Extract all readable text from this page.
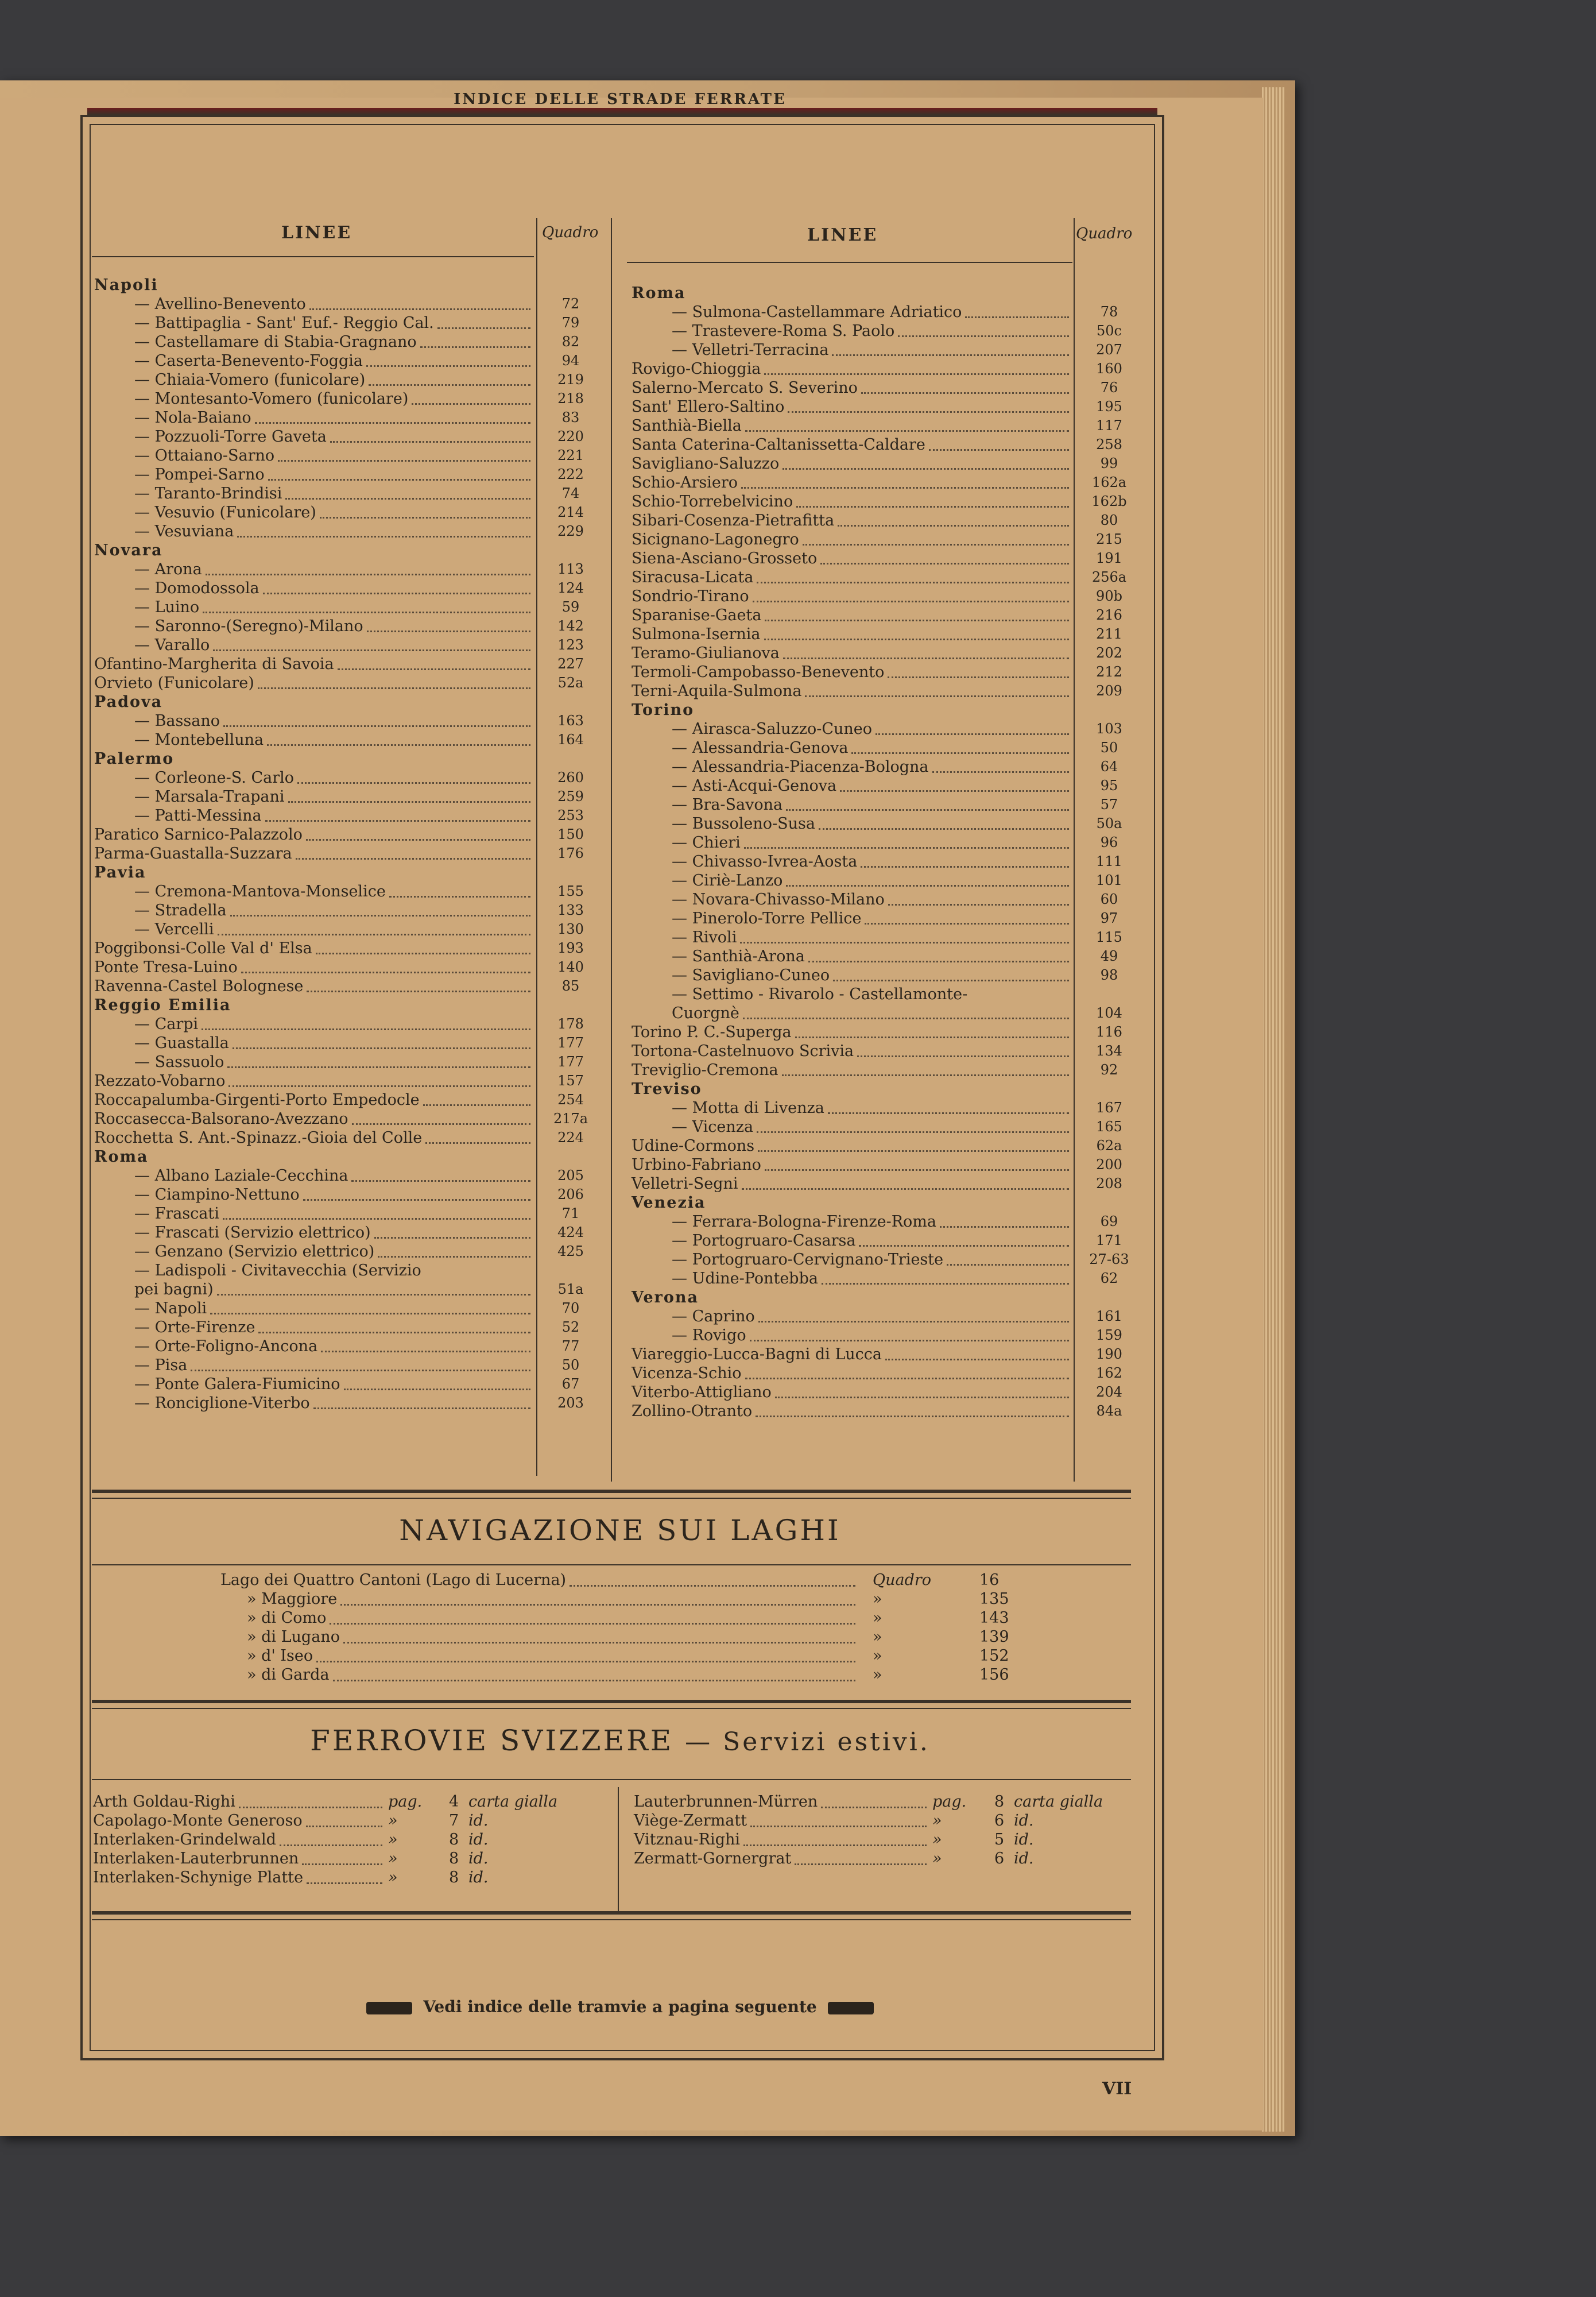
INDICE DELLE STRADE FERRATE
LINEE	Quadro	LINEE	Quadro
Napoli
— Avellino-Benevento	72
— Battipaglia - Sant' Euf.- Reggio Cal.	79
— Castellamare di Stabia-Gragnano	82
— Caserta-Benevento-Foggia	94
— Chiaia-Vomero (funicolare)	219
— Montesanto-Vomero (funicolare)	218
— Nola-Baiano	83
— Pozzuoli-Torre Gaveta	220
— Ottaiano-Sarno	221
— Pompei-Sarno	222
— Taranto-Brindisi	74
— Vesuvio (Funicolare)	214
— Vesuviana	229
Novara
— Arona	113
— Domodossola	124
— Luino	59
— Saronno-(Seregno)-Milano	142
— Varallo	123
Ofantino-Margherita di Savoia	227
Orvieto (Funicolare)	52a
Padova
— Bassano	163
— Montebelluna	164
Palermo
— Corleone-S. Carlo	260
— Marsala-Trapani	259
— Patti-Messina	253
Paratico Sarnico-Palazzolo	150
Parma-Guastalla-Suzzara	176
Pavia
— Cremona-Mantova-Monselice	155
— Stradella	133
— Vercelli	130
Poggibonsi-Colle Val d' Elsa	193
Ponte Tresa-Luino	140
Ravenna-Castel Bolognese	85
Reggio Emilia
— Carpi	178
— Guastalla	177
— Sassuolo	177
Rezzato-Vobarno	157
Roccapalumba-Girgenti-Porto Empedocle	254
Roccasecca-Balsorano-Avezzano	217a
Rocchetta S. Ant.-Spinazz.-Gioia del Colle	224
Roma
— Albano Laziale-Cecchina	205
— Ciampino-Nettuno	206
— Frascati	71
— Frascati (Servizio elettrico)	424
— Genzano (Servizio elettrico)	425
— Ladispoli - Civitavecchia (Servizio
pei bagni)	51a
— Napoli	70
— Orte-Firenze	52
— Orte-Foligno-Ancona	77
— Pisa	50
— Ponte Galera-Fiumicino	67
— Ronciglione-Viterbo	203
Roma
— Sulmona-Castellammare Adriatico	78
— Trastevere-Roma S. Paolo	50c
— Velletri-Terracina	207
Rovigo-Chioggia	160
Salerno-Mercato S. Severino	76
Sant' Ellero-Saltino	195
Santhià-Biella	117
Santa Caterina-Caltanissetta-Caldare	258
Savigliano-Saluzzo	99
Schio-Arsiero	162a
Schio-Torrebelvicino	162b
Sibari-Cosenza-Pietrafitta	80
Sicignano-Lagonegro	215
Siena-Asciano-Grosseto	191
Siracusa-Licata	256a
Sondrio-Tirano	90b
Sparanise-Gaeta	216
Sulmona-Isernia	211
Teramo-Giulianova	202
Termoli-Campobasso-Benevento	212
Terni-Aquila-Sulmona	209
Torino
— Airasca-Saluzzo-Cuneo	103
— Alessandria-Genova	50
— Alessandria-Piacenza-Bologna	64
— Asti-Acqui-Genova	95
— Bra-Savona	57
— Bussoleno-Susa	50a
— Chieri	96
— Chivasso-Ivrea-Aosta	111
— Ciriè-Lanzo	101
— Novara-Chivasso-Milano	60
— Pinerolo-Torre Pellice	97
— Rivoli	115
— Santhià-Arona	49
— Savigliano-Cuneo	98
— Settimo - Rivarolo - Castellamonte-
Cuorgnè	104
Torino P. C.-Superga	116
Tortona-Castelnuovo Scrivia	134
Treviglio-Cremona	92
Treviso
— Motta di Livenza	167
— Vicenza	165
Udine-Cormons	62a
Urbino-Fabriano	200
Velletri-Segni	208
Venezia
— Ferrara-Bologna-Firenze-Roma	69
— Portogruaro-Casarsa	171
— Portogruaro-Cervignano-Trieste	27-63
— Udine-Pontebba	62
Verona
— Caprino	161
— Rovigo	159
Viareggio-Lucca-Bagni di Lucca	190
Vicenza-Schio	162
Viterbo-Attigliano	204
Zollino-Otranto	84a
NAVIGAZIONE SUI LAGHI
Lago dei Quattro Cantoni (Lago di Lucerna)	Quadro	16
» Maggiore	»	135
» di Como	»	143
» di Lugano	»	139
» d' Iseo	»	152
» di Garda	»	156
FERROVIE SVIZZERE — Servizi estivi.
Arth Goldau-Righi	pag. 4 carta gialla
Capolago-Monte Generoso	»	7 id.
Interlaken-Grindelwald	»	8 id.
Interlaken-Lauterbrunnen	»	8 id.
Interlaken-Schynige Platte	»	8 id.
Lauterbrunnen-Mürren	pag. 8 carta gialla
Viège-Zermatt	»	6 id.
Vitznau-Righi	»	5 id.
Zermatt-Gornergrat	»	6 id.
Vedi indice delle tramvie a pagina seguente
VII
